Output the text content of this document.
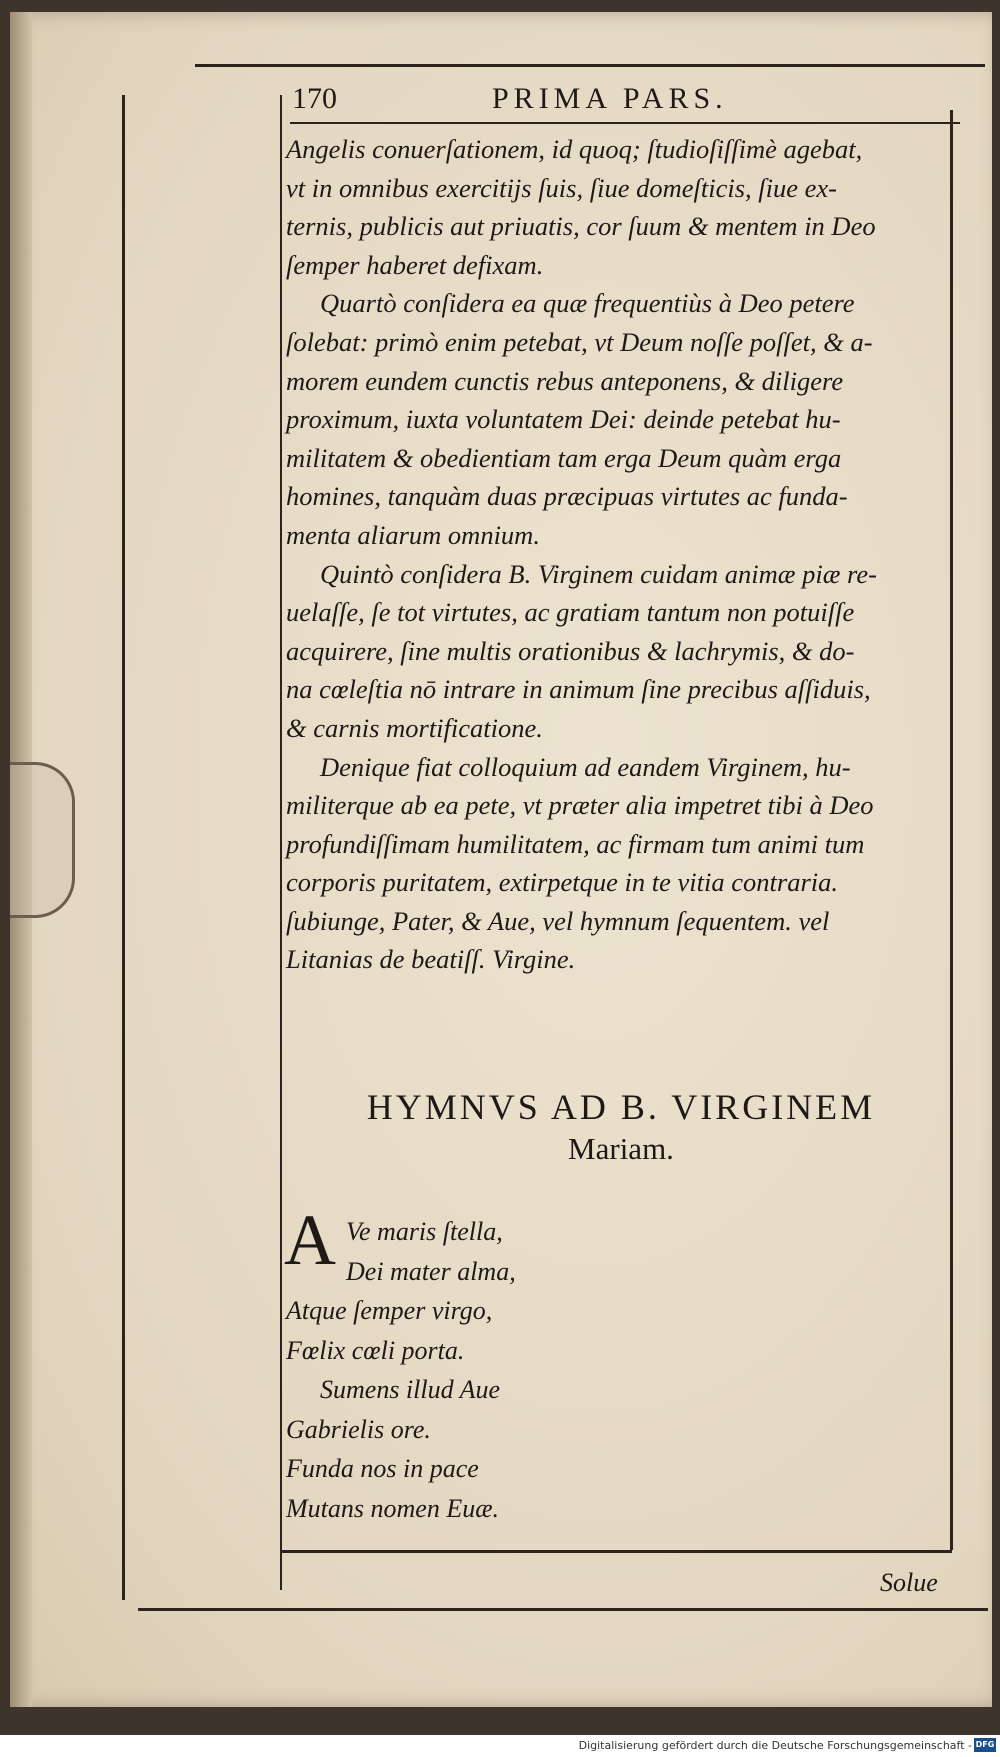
170	PRIMA PARS.

Angelis conuerſationem, id quoq; ſtudioſiſſimè agebat,
vt in omnibus exercitijs ſuis, ſiue domeſticis, ſiue ex-
ternis, publicis aut priuatis, cor ſuum & mentem in Deo
ſemper haberet defixam.

Quartò conſidera ea quæ frequentiùs à Deo petere
ſolebat: primò enim petebat, vt Deum noſſe poſſet, & a-
morem eundem cunctis rebus anteponens, & diligere
proximum, iuxta voluntatem Dei: deinde petebat hu-
militatem & obedientiam tam erga Deum quàm erga
homines, tanquàm duas præcipuas virtutes ac funda-
menta aliarum omnium.

Quintò conſidera B. Virginem cuidam animæ piæ re-
uelaſſe, ſe tot virtutes, ac gratiam tantum non potuiſſe
acquirere, ſine multis orationibus & lachrymis, & do-
na cœleſtia nō intrare in animum ſine precibus aſſiduis,
& carnis mortificatione.

Denique fiat colloquium ad eandem Virginem, hu-
militerque ab ea pete, vt præter alia impetret tibi à Deo
profundiſſimam humilitatem, ac firmam tum animi tum
corporis puritatem, extirpetque in te vitia contraria.
ſubiunge, Pater, & Aue, vel hymnum ſequentem. vel
Litanias de beatiſſ. Virgine.

HYMNVS AD B. VIRGINEM
Mariam.
A Ve maris ſtella,
Dei mater alma,
Atque ſemper virgo,
Fœlix cœli porta.
Sumens illud Aue
Gabrielis ore.
Funda nos in pace
Mutans nomen Euæ.
Solue
Digitalisierung gefördert durch die Deutsche Forschungsgemeinschaft - DFG
